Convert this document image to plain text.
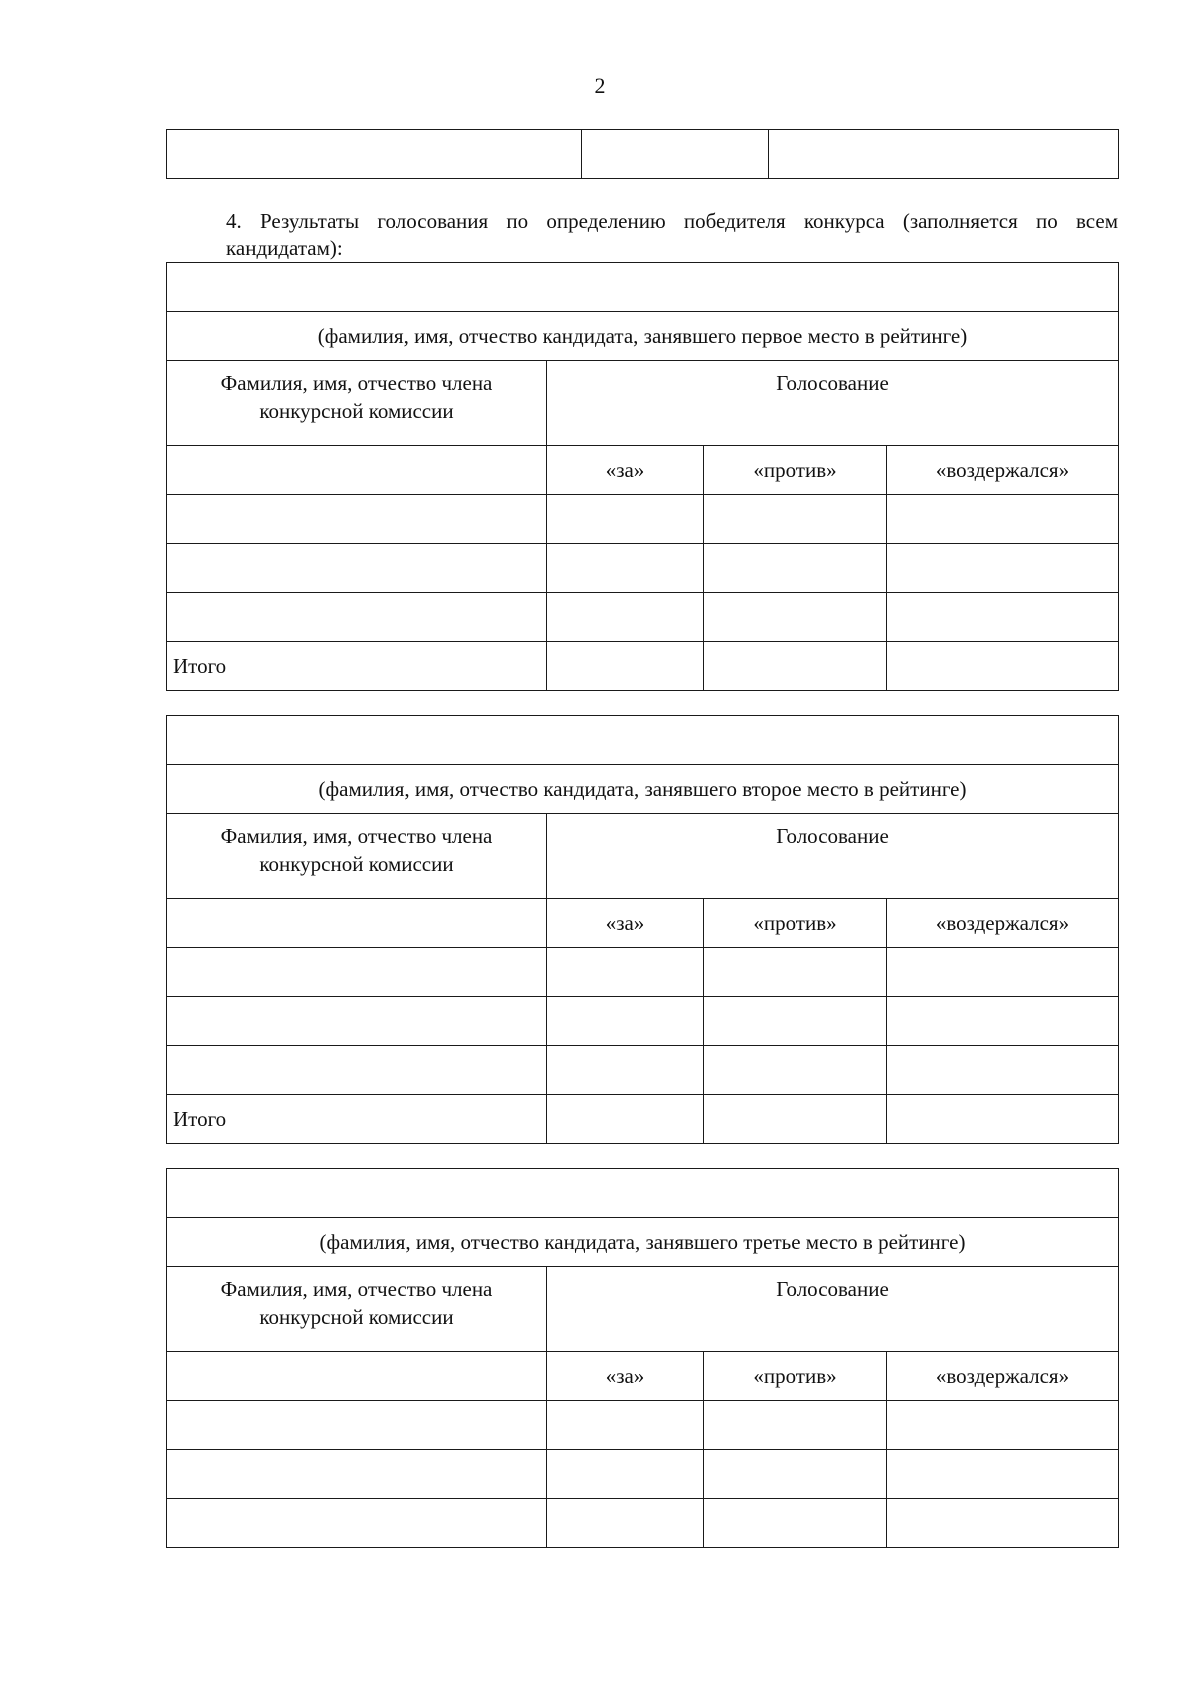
2

4. Результаты голосования по определению победителя конкурса (заполняется по всем кандидатам):

(фамилия, имя, отчество кандидата, занявшего первое место в рейтинге)			
Фамилия, имя, отчество члена конкурсной комиссии	Голосование		
	«за»	«против»	«воздержался»

Итого			

(фамилия, имя, отчество кандидата, занявшего второе место в рейтинге)			
Фамилия, имя, отчество члена конкурсной комиссии	Голосование		
	«за»	«против»	«воздержался»

Итого			

(фамилия, имя, отчество кандидата, занявшего третье место в рейтинге)			
Фамилия, имя, отчество члена конкурсной комиссии	Голосование		
	«за»	«против»	«воздержался»
